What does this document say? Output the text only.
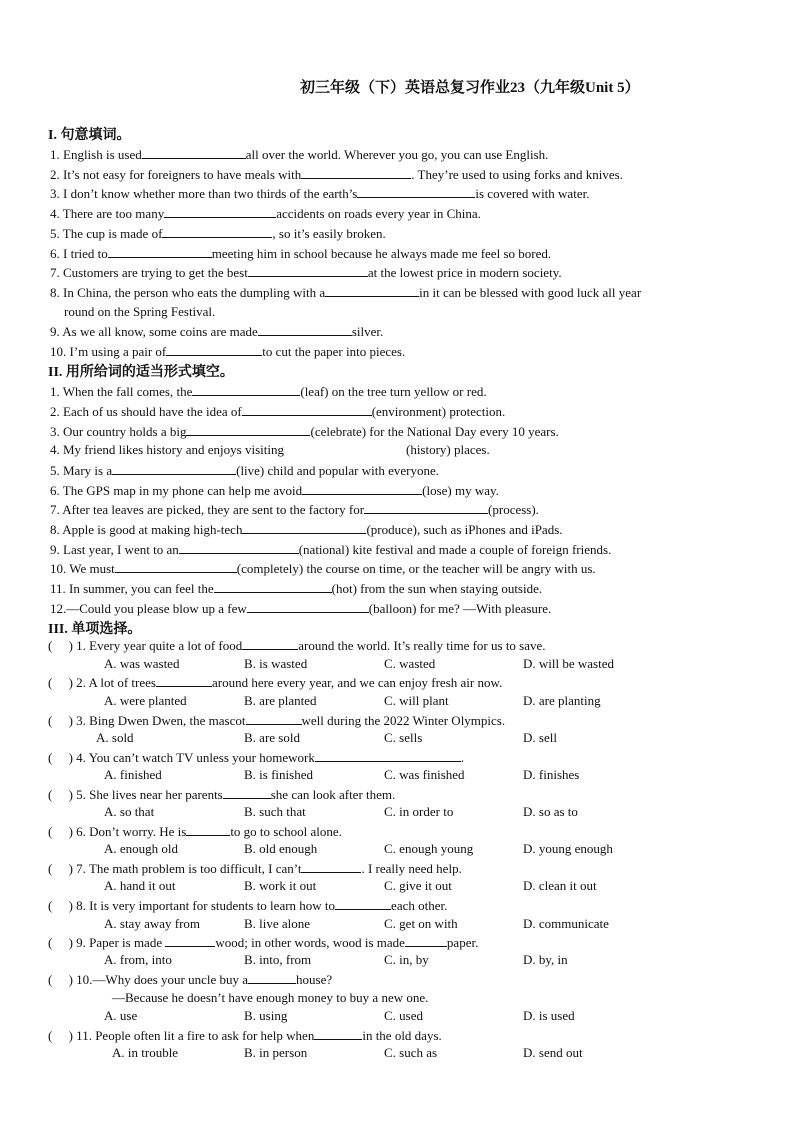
初三年级（下）英语总复习作业23（九年级Unit 5）
I. 句意填词。
1. English is used	all over the world. Wherever you go, you can use English.
2. It’s not easy for foreigners to have meals with	. They’re used to using forks and knives.
3. I don’t know whether more than two thirds of the earth’s	is covered with water.
4. There are too many	accidents on roads every year in China.
5. The cup is made of	, so it’s easily broken.
6. I tried to	meeting him in school because he always made me feel so bored.
7. Customers are trying to get the best	at the lowest price in modern society.
8. In China, the person who eats the dumpling with a	in it can be blessed with good luck all year
round on the Spring Festival.
9. As we all know, some coins are made	silver.
10. I’m using a pair of	to cut the paper into pieces.
II. 用所给词的适当形式填空。
1. When the fall comes, the	(leaf) on the tree turn yellow or red.
2. Each of us should have the idea of	(environment) protection.
3. Our country holds a big	(celebrate) for the National Day every 10 years.
4. My friend likes history and enjoys visiting	(history) places.
5. Mary is a	(live) child and popular with everyone.
6. The GPS map in my phone can help me avoid	(lose) my way.
7. After tea leaves are picked, they are sent to the factory for	(process).
8. Apple is good at making high-tech	(produce), such as iPhones and iPads.
9. Last year, I went to an	(national) kite festival and made a couple of foreign friends.
10. We must	(completely) the course on time, or the teacher will be angry with us.
11. In summer, you can feel the	(hot) from the sun when staying outside.
12.—Could you please blow up a few	(balloon) for me? —With pleasure.
III. 单项选择。
(     ) 1. Every year quite a lot of food	around the world. It’s really time for us to save.
A. was wasted	B. is wasted	C. wasted	D. will be wasted
(     ) 2. A lot of trees	around here every year, and we can enjoy fresh air now.
A. were planted	B. are planted	C. will plant	D. are planting
(     ) 3. Bing Dwen Dwen, the mascot	well during the 2022 Winter Olympics.
A. sold	B. are sold	C. sells	D. sell
(     ) 4. You can’t watch TV unless your homework	.
A. finished	B. is finished	C. was finished	D. finishes
(     ) 5. She lives near her parents	she can look after them.
A. so that	B. such that	C. in order to	D. so as to
(     ) 6. Don’t worry. He is	to go to school alone.
A. enough old	B. old enough	C. enough young	D. young enough
(     ) 7. The math problem is too difficult, I can’t	. I really need help.
A. hand it out	B. work it out	C. give it out	D. clean it out
(     ) 8. It is very important for students to learn how to	each other.
A. stay away from	B. live alone	C. get on with	D. communicate
(     ) 9. Paper is made	wood; in other words, wood is made	paper.
A. from, into	B. into, from	C. in, by	D. by, in
(     ) 10.—Why does your uncle buy a	house?
—Because he doesn’t have enough money to buy a new one.
A. use	B. using	C. used	D. is used
(     ) 11. People often lit a fire to ask for help when	in the old days.
A. in trouble	B. in person	C. such as	D. send out
